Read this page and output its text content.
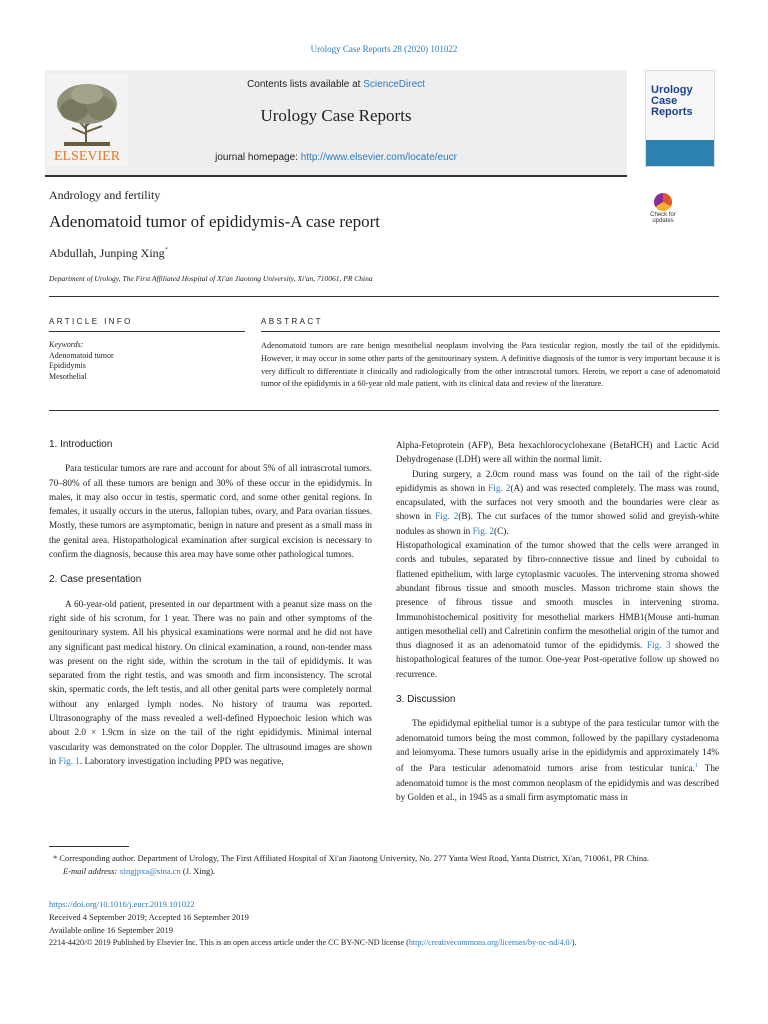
Urology Case Reports 28 (2020) 101022
ELSEVIER
Contents lists available at ScienceDirect
Urology Case Reports
journal homepage: http://www.elsevier.com/locate/eucr
Urology
Case
Reports
Check for updates
Andrology and fertility
Adenomatoid tumor of epididymis-A case report
Abdullah, Junping Xing*
Department of Urology, The First Affiliated Hospital of Xi'an Jiaotong University, Xi'an, 710061, PR China
ARTICLE INFO
Keywords:
Adenomatoid tumor
Epididymis
Mesothelial
ABSTRACT
Adenomatoid tumors are rare benign mesothelial neoplasm involving the Para testicular region, mostly the tail of the epididymis. However, it may occur in some other parts of the genitourinary system. A definitive diagnosis of the tumor is very important because it is very difficult to differentiate it clinically and radiologically from the other intrascrotal tumors. Herein, we report a case of adenomatoid tumor of the epididymis in a 60-year old male patient, with its clinical data and review of the literature.
1. Introduction

Para testicular tumors are rare and account for about 5% of all intrascrotal tumors. 70–80% of all these tumors are benign and 30% of these occur in the epididymis. In males, it may also occur in testis, spermatic cord, and some other genital regions. In females, it usually occurs in the uterus, fallopian tubes, ovary, and Para ovarian tissues. Mostly, these tumors are asymptomatic, benign in nature and present as a small mass in the genital area. Histopathological examination after surgical excision is necessary to confirm the diagnosis, because this area may have some other pathological tumors.

2. Case presentation

A 60-year-old patient, presented in our department with a peanut size mass on the right side of his scrotum, for 1 year. There was no pain and other symptoms of the genitourinary system. All his physical examinations were normal and he did not have any significant past medical history. On clinical examination, a round, non-tender mass was present on the right side, within the scrotum in the tail of epididymis. It was separated from the right testis, and was smooth and firm inconsistency. The scrotal skin, spermatic cords, the left testis, and all other genital parts were completely normal without any enlarged lymph nodes. No history of trauma was reported. Ultrasonography of the mass revealed a well-defined Hypoechoic lesion which was about 2.0 × 1.9cm in size on the tail of the right epididymis. Minimal internal vascularity was demonstrated on the color Doppler. The ultrasound images are shown in Fig. 1. Laboratory investigation including PPD was negative,

Alpha-Fetoprotein (AFP), Beta hexachlorocyclohexane (BetaHCH) and Lactic Acid Dehydrogenase (LDH) were all within the normal limit.

During surgery, a 2.0cm round mass was found on the tail of the right-side epididymis as shown in Fig. 2(A) and was resected completely. The mass was round, encapsulated, with the surfaces not very smooth and the boundaries were clear as shown in Fig. 2(B). The cut surfaces of the tumor showed solid and greyish-white nodules as shown in Fig. 2(C).

Histopathological examination of the tumor showed that the cells were arranged in cords and tubules, separated by fibro-connective tissue and lined by cuboidal to flattened epithelium, with large cytoplasmic vacuoles. The intervening stroma showed abundant fibrous tissue and smooth muscles. Masson trichrome stain shows the presence of fibrous tissue and smooth muscles in intervening stroma. Immunohistochemical positivity for mesothelial markers HMB1(Mouse anti-human antigen mesothelial cell) and Calretinin confirm the mesothelial origin of the tumor and thus diagnosed it as an adenomatoid tumor of the epididymis. Fig. 3 showed the histopathological features of the tumor. One-year Post-operative follow up showed no recurrence.

3. Discussion

The epididymal epithelial tumor is a subtype of the para testicular tumor with the adenomatoid tumors being the most common, followed by the papillary cystadenoma and leiomyoma. These tumors usually arise in the epididymis and approximately 14% of the Para testicular adenomatoid tumors arise from testicular tunica.$^1$ The adenomatoid tumor is the most common neoplasm of the epididymis and was described by Golden et al., in 1945 as a small firm asymptomatic mass in

* Corresponding author. Department of Urology, The First Affiliated Hospital of Xi'an Jiaotong University, No. 277 Yanta West Road, Yanta District, Xi'an, 710061, PR China.
E-mail address: xingjpxa@sina.cn (J. Xing).
https://doi.org/10.1016/j.eucr.2019.101022
Received 4 September 2019; Accepted 16 September 2019
Available online 16 September 2019
2214-4420/© 2019 Published by Elsevier Inc. This is an open access article under the CC BY-NC-ND license (http://creativecommons.org/licenses/by-nc-nd/4.0/).
